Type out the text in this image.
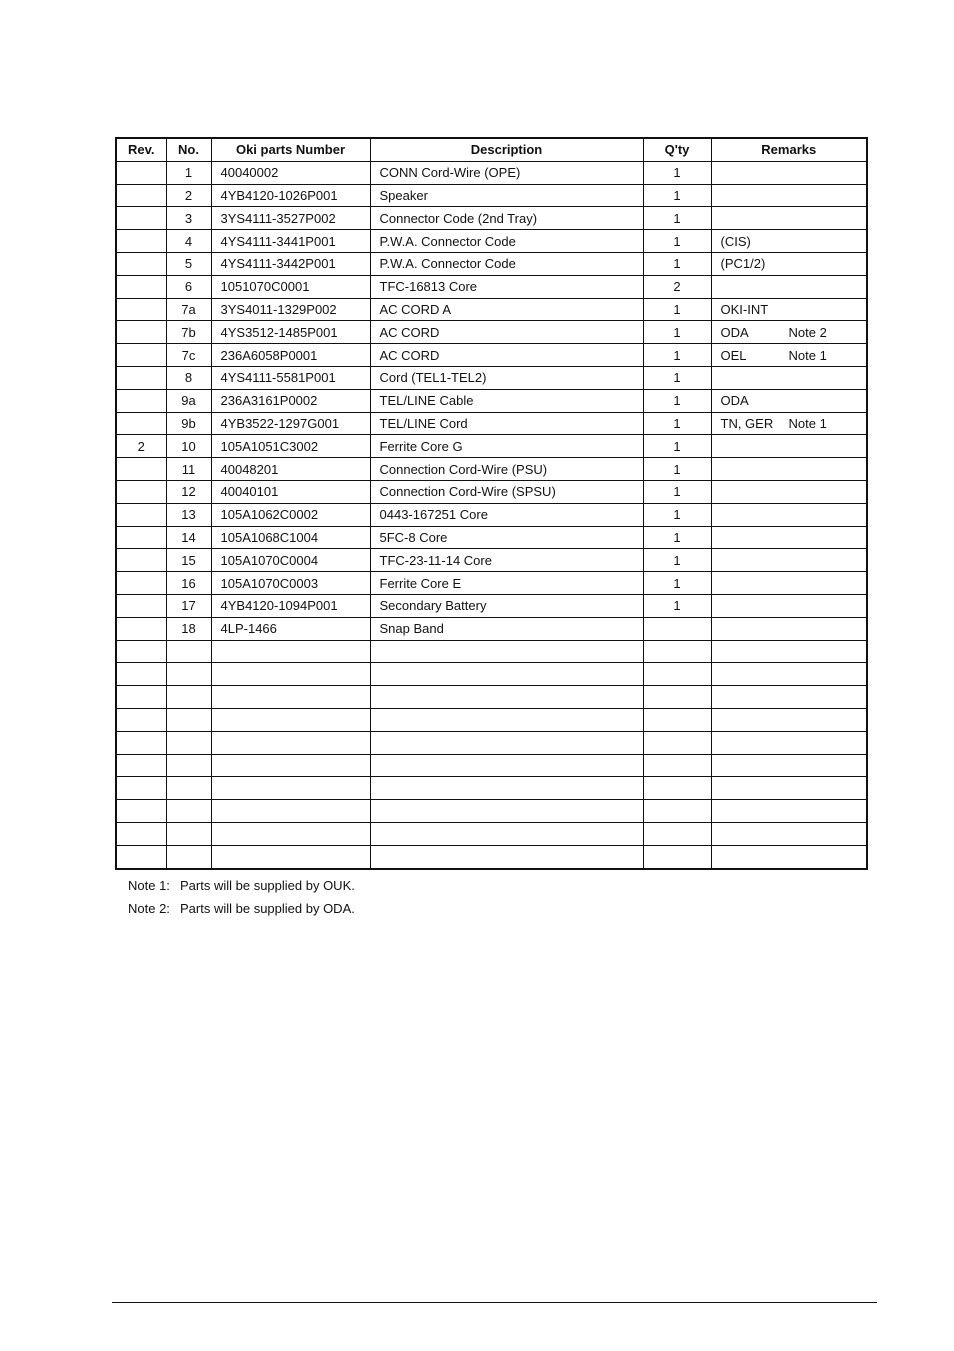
Rev.	No.	Oki parts Number	Description	Q'ty	Remarks
	1	40040002	CONN Cord-Wire (OPE)	1	
	2	4YB4120-1026P001	Speaker	1	
	3	3YS4111-3527P002	Connector Code (2nd Tray)	1	
	4	4YS4111-3441P001	P.W.A. Connector Code	1	(CIS)
	5	4YS4111-3442P001	P.W.A. Connector Code	1	(PC1/2)
	6	1051070C0001	TFC-16813 Core	2	
	7a	3YS4011-1329P002	AC CORD A	1	OKI-INT
	7b	4YS3512-1485P001	AC CORD	1	ODA Note 2
	7c	236A6058P0001	AC CORD	1	OEL Note 1
	8	4YS4111-5581P001	Cord (TEL1-TEL2)	1	
	9a	236A3161P0002	TEL/LINE Cable	1	ODA
	9b	4YB3522-1297G001	TEL/LINE Cord	1	TN, GER Note 1
2	10	105A1051C3002	Ferrite Core G	1	
	11	40048201	Connection Cord-Wire (PSU)	1	
	12	40040101	Connection Cord-Wire (SPSU)	1	
	13	105A1062C0002	0443-167251 Core	1	
	14	105A1068C1004	5FC-8 Core	1	
	15	105A1070C0004	TFC-23-11-14 Core	1	
	16	105A1070C0003	Ferrite Core E	1	
	17	4YB4120-1094P001	Secondary Battery	1	
	18	4LP-1466	Snap Band		

Note 1: Parts will be supplied by OUK.
Note 2: Parts will be supplied by ODA.
